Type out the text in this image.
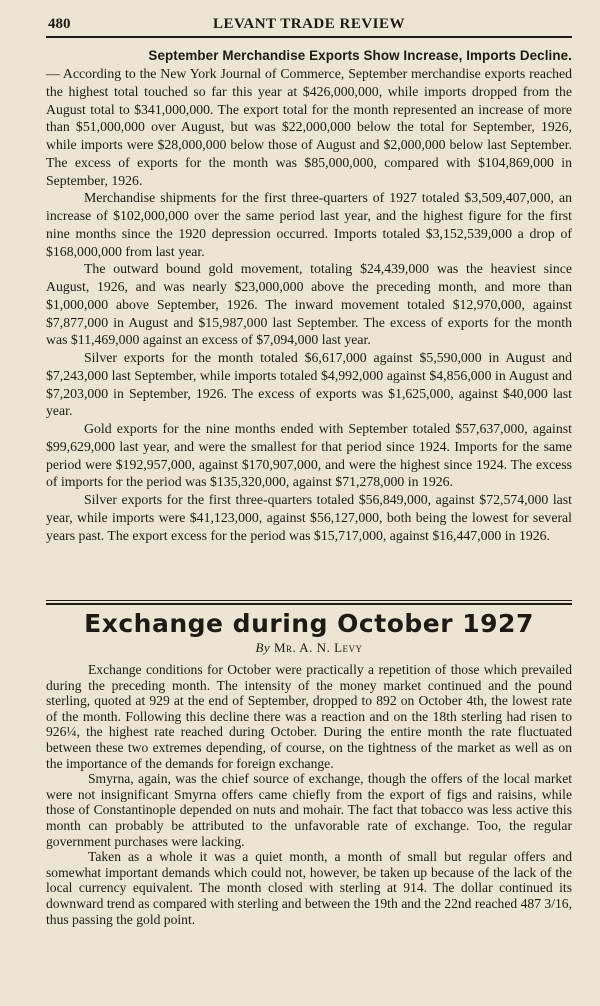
480	LEVANT TRADE REVIEW
September Merchandise Exports Show Increase, Imports Decline.

— According to the New York Journal of Commerce, September merchandise exports reached the highest total touched so far this year at $426,000,000, while imports dropped from the August total to $341,000,000. The export total for the month represented an increase of more than $51,000,000 over August, but was $22,000,000 below the total for September, 1926, while imports were $28,000,000 below those of August and $2,000,000 below last September. The excess of exports for the month was $85,000,000, compared with $104,869,000 in September, 1926.

Merchandise shipments for the first three-quarters of 1927 totaled $3,509,407,000, an increase of $102,000,000 over the same period last year, and the highest figure for the first nine months since the 1920 depression occurred. Imports totaled $3,152,539,000 a drop of $168,000,000 from last year.

The outward bound gold movement, totaling $24,439,000 was the heaviest since August, 1926, and was nearly $23,000,000 above the preceding month, and more than $1,000,000 above September, 1926. The inward movement totaled $12,970,000, against $7,877,000 in August and $15,987,000 last September. The excess of exports for the month was $11,469,000 against an excess of $7,094,000 last year.

Silver exports for the month totaled $6,617,000 against $5,590,000 in August and $7,243,000 last September, while imports totaled $4,992,000 against $4,856,000 in August and $7,203,000 in September, 1926. The excess of exports was $1,625,000, against $40,000 last year.

Gold exports for the nine months ended with September totaled $57,637,000, against $99,629,000 last year, and were the smallest for that period since 1924. Imports for the same period were $192,957,000, against $170,907,000, and were the highest since 1924. The excess of imports for the period was $135,320,000, against $71,278,000 in 1926.

Silver exports for the first three-quarters totaled $56,849,000, against $72,574,000 last year, while imports were $41,123,000, against $56,127,000, both being the lowest for several years past. The export excess for the period was $15,717,000, against $16,447,000 in 1926.

Exchange during October 1927
By Mr. A. N. Levy

Exchange conditions for October were practically a repetition of those which prevailed during the preceding month. The intensity of the money market continued and the pound sterling, quoted at 929 at the end of September, dropped to 892 on October 4th, the lowest rate of the month. Following this decline there was a reaction and on the 18th sterling had risen to 926¼, the highest rate reached during October. During the entire month the rate fluctuated between these two extremes depending, of course, on the tightness of the market as well as on the importance of the demands for foreign exchange.

Smyrna, again, was the chief source of exchange, though the offers of the local market were not insignificant Smyrna offers came chiefly from the export of figs and raisins, while those of Constantinople depended on nuts and mohair. The fact that tobacco was less active this month can probably be attributed to the unfavorable rate of exchange. Too, the regular government purchases were lacking.

Taken as a whole it was a quiet month, a month of small but regular offers and somewhat important demands which could not, however, be taken up because of the lack of the local currency equivalent. The month closed with sterling at 914. The dollar continued its downward trend as compared with sterling and between the 19th and the 22nd reached 487 3/16, thus passing the gold point.
